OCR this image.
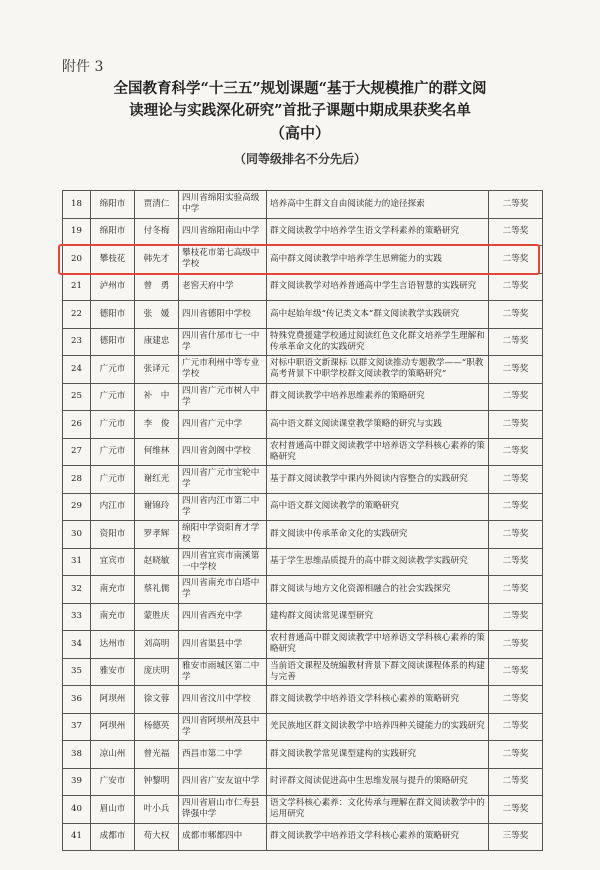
附件 3
全国教育科学“十三五”规划课题“基于大规模推广的群文阅
读理论与实践深化研究”首批子课题中期成果获奖名单
（高中）
（同等级排名不分先后）
18	绵阳市	贾清仁	四川省绵阳实验高级中学	培养高中生群文自由阅读能力的途径探索	二等奖
19	绵阳市	付冬梅	四川省绵阳南山中学	群文阅读教学中培养学生语文学科素养的策略研究	二等奖
20	攀枝花	韩先才	攀枝花市第七高级中学校	高中群文阅读教学中培养学生思辨能力的实践	二等奖
21	泸州市	曾　勇	老窖天府中学	群文阅读教学对培养普通高中学生言语智慧的实践研究	二等奖
22	德阳市	张　媛	四川省德阳中学校	高中起始年级“传记类文本”群文阅读教学实践研究	二等奖
23	德阳市	康建忠	四川省什邡市七一中学	特殊党费援建学校通过阅读红色文化群文培养学生理解和传承革命文化的实践研究	二等奖
24	广元市	张译元	广元市利州中等专业学校	对标中职语文新课标 以群文阅读推动专题教学——“职教高考背景下中职学校群文阅读教学的策略研究”	二等奖
25	广元市	补　中	四川省广元市树人中学	群文阅读教学中培养思维素养的策略研究	二等奖
26	广元市	李　俊	四川省广元中学	高中语文群文阅读课堂教学策略的研究与实践	二等奖
27	广元市	何维林	四川省剑阁中学校	农村普通高中群文阅读教学中培养语文学科核心素养的策略研究	二等奖
28	广元市	谢红光	四川省广元市宝轮中学	基于群文阅读教学中课内外阅读内容整合的实践研究	二等奖
29	内江市	谢锦玲	四川省内江市第二中学	高中语文群文阅读教学的策略研究	二等奖
30	资阳市	罗孝辉	绵阳中学资阳育才学校	群文阅读中传承革命文化的实践研究	二等奖
31	宜宾市	赵晓敏	四川省宜宾市南溪第一中学校	基于学生思维品质提升的高中群文阅读教学实践研究	二等奖
32	南充市	蔡礼儒	四川省南充市白塔中学	群文阅读与地方文化资源相融合的社会实践探究	二等奖
33	南充市	蒙胜庆	四川省西充中学	建构群文阅读常见课型研究	二等奖
34	达州市	刘高明	四川省渠县中学	农村普通高中群文阅读教学中培养语文学科核心素养的策略研究	二等奖
35	雅安市	庞庆明	雅安市雨城区第二中学	当前语文课程及统编教材背景下群文阅读课程体系的构建与完善	二等奖
36	阿坝州	徐文蓉	四川省汶川中学校	群文阅读教学中培养语文学科核心素养的策略研究	二等奖
37	阿坝州	杨德英	四川省阿坝州茂县中学	羌民族地区群文阅读教学中培养四种关键能力的实践研究	二等奖
38	凉山州	曾光福	西昌市第二中学	群文阅读教学常见课型建构的实践研究	二等奖
39	广安市	钟黎明	四川省广安友谊中学	时评群文阅读促进高中生思维发展与提升的策略研究	二等奖
40	眉山市	叶小兵	四川省眉山市仁寿县铧强中学	语文学科核心素养：文化传承与理解在群文阅读教学中的运用研究	二等奖
41	成都市	苟大权	成都市郫都四中	群文阅读教学中培养语文学科核心素养的策略研究	三等奖
